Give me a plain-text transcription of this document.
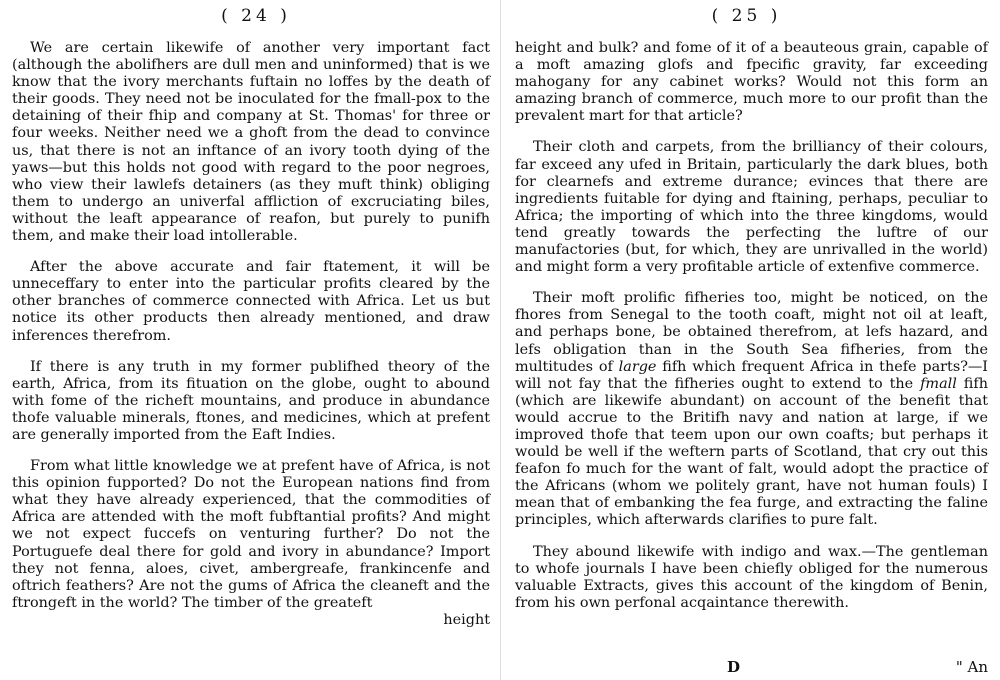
( 24 )

We are certain likewife of another very important fact (although the abolifhers are dull men and uninformed) that is we know that the ivory merchants fuftain no loffes by the death of their goods. They need not be inoculated for the fmall-pox to the detaining of their fhip and company at St. Thomas' for three or four weeks. Neither need we a ghoft from the dead to convince us, that there is not an inftance of an ivory tooth dying of the yaws—but this holds not good with regard to the poor negroes, who view their lawlefs detainers (as they muft think) obliging them to undergo an univerfal affliction of excruciating biles, without the leaft appearance of reafon, but purely to punifh them, and make their load intollerable.

After the above accurate and fair ftatement, it will be unneceffary to enter into the particular profits cleared by the other branches of commerce connected with Africa. Let us but notice its other products then already mentioned, and draw inferences therefrom.

If there is any truth in my former publifhed theory of the earth, Africa, from its fituation on the globe, ought to abound with fome of the richeft mountains, and produce in abundance thofe valuable minerals, ftones, and medicines, which at prefent are generally imported from the Eaft Indies.

From what little knowledge we at prefent have of Africa, is not this opinion fupported? Do not the European nations find from what they have already experienced, that the commodities of Africa are attended with the moft fubftantial profits? And might we not expect fuccefs on venturing further? Do not the Portuguefe deal there for gold and ivory in abundance? Import they not fenna, aloes, civet, ambergreafe, frankincenfe and oftrich feathers? Are not the gums of Africa the cleaneft and the ftrongeft in the world? The timber of the greateft

height

( 25 )

height and bulk? and fome of it of a beauteous grain, capable of a moft amazing glofs and fpecific gravity, far exceeding mahogany for any cabinet works? Would not this form an amazing branch of commerce, much more to our profit than the prevalent mart for that article?

Their cloth and carpets, from the brilliancy of their colours, far exceed any ufed in Britain, particularly the dark blues, both for clearnefs and extreme durance; evinces that there are ingredients fuitable for dying and ftaining, perhaps, peculiar to Africa; the importing of which into the three kingdoms, would tend greatly towards the perfecting the luftre of our manufactories (but, for which, they are unrivalled in the world) and might form a very profitable article of extenfive commerce.

Their moft prolific fifheries too, might be noticed, on the fhores from Senegal to the tooth coaft, might not oil at leaft, and perhaps bone, be obtained therefrom, at lefs hazard, and lefs obligation than in the South Sea fifheries, from the multitudes of large fifh which frequent Africa in thefe parts?—I will not fay that the fifheries ought to extend to the fmall fifh (which are likewife abundant) on account of the benefit that would accrue to the Britifh navy and nation at large, if we improved thofe that teem upon our own coafts; but perhaps it would be well if the weftern parts of Scotland, that cry out this feafon fo much for the want of falt, would adopt the practice of the Africans (whom we politely grant, have not human fouls) I mean that of embanking the fea furge, and extracting the faline principles, which afterwards clarifies to pure falt.

They abound likewife with indigo and wax.—The gentleman to whofe journals I have been chiefly obliged for the numerous valuable Extracts, gives this account of the kingdom of Benin, from his own perfonal acqaintance therewith.

D	" An
